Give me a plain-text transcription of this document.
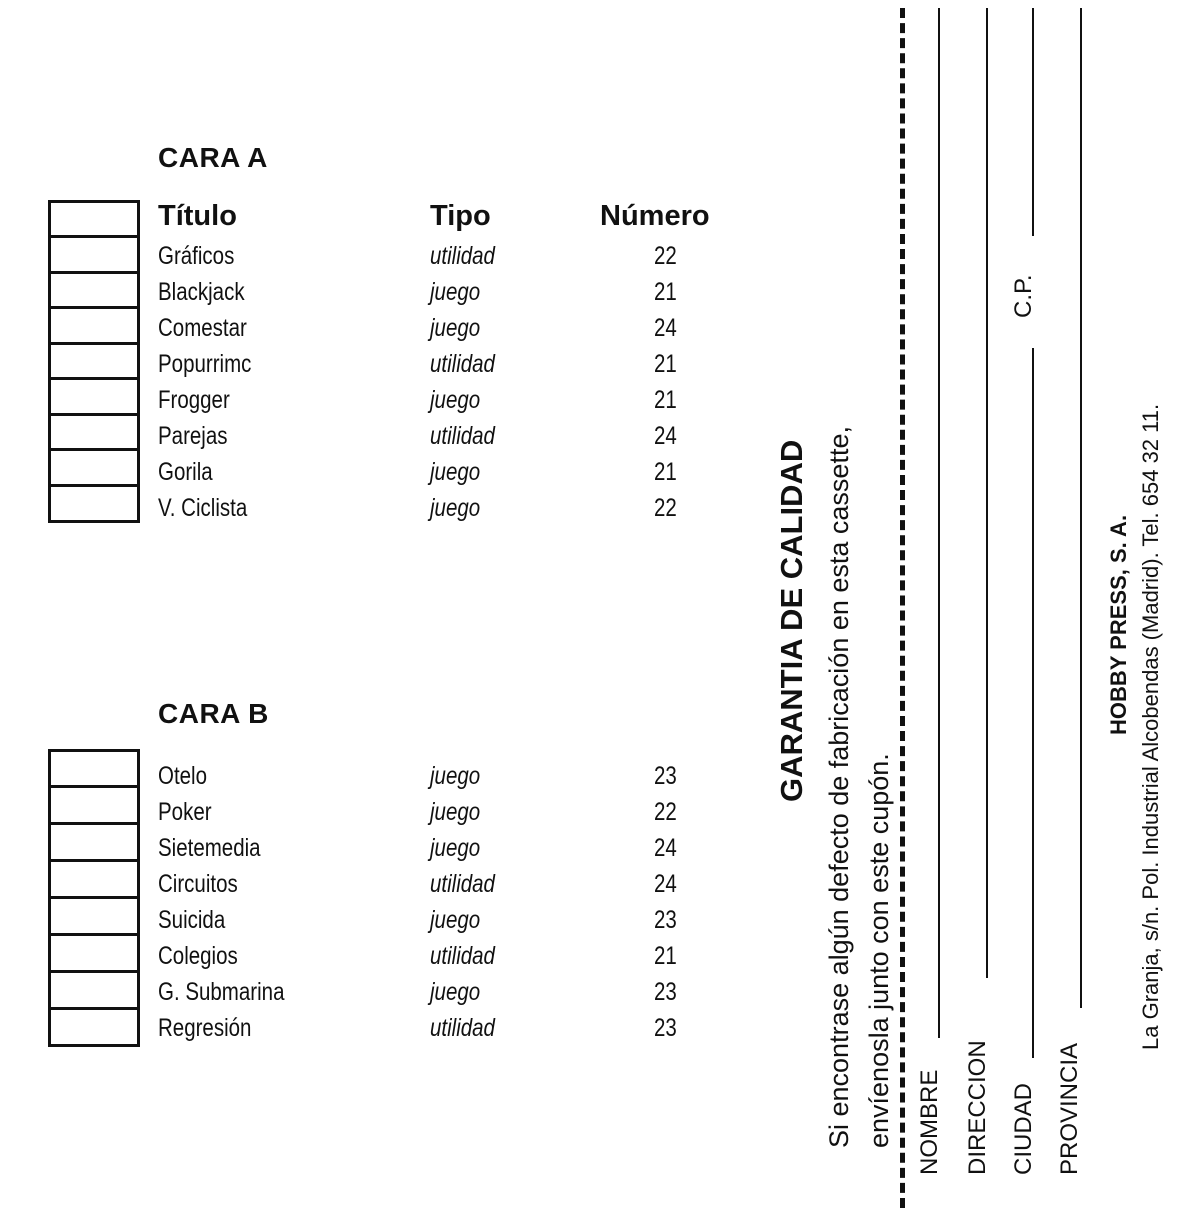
CARA A
Título	Tipo	Número
Gráficos	utilidad	22
Blackjack	juego	21
Comestar	juego	24
Popurrimc	utilidad	21
Frogger	juego	21
Parejas	utilidad	24
Gorila	juego	21
V. Ciclista	juego	22
CARA B
Otelo	juego	23
Poker	juego	22
Sietemedia	juego	24
Circuitos	utilidad	24
Suicida	juego	23
Colegios	utilidad	21
G. Submarina	juego	23
Regresión	utilidad	23
GARANTIA DE CALIDAD Si encontrase algún defecto de fabricación en esta cassette, envíenosla junto con este cupón. NOMBRE DIRECCION CIUDAD
C.P.
PROVINCIA
HOBBY PRESS, S. A. La Granja, s/n. Pol. Industrial Alcobendas (Madrid). Tel. 654 32 11.
